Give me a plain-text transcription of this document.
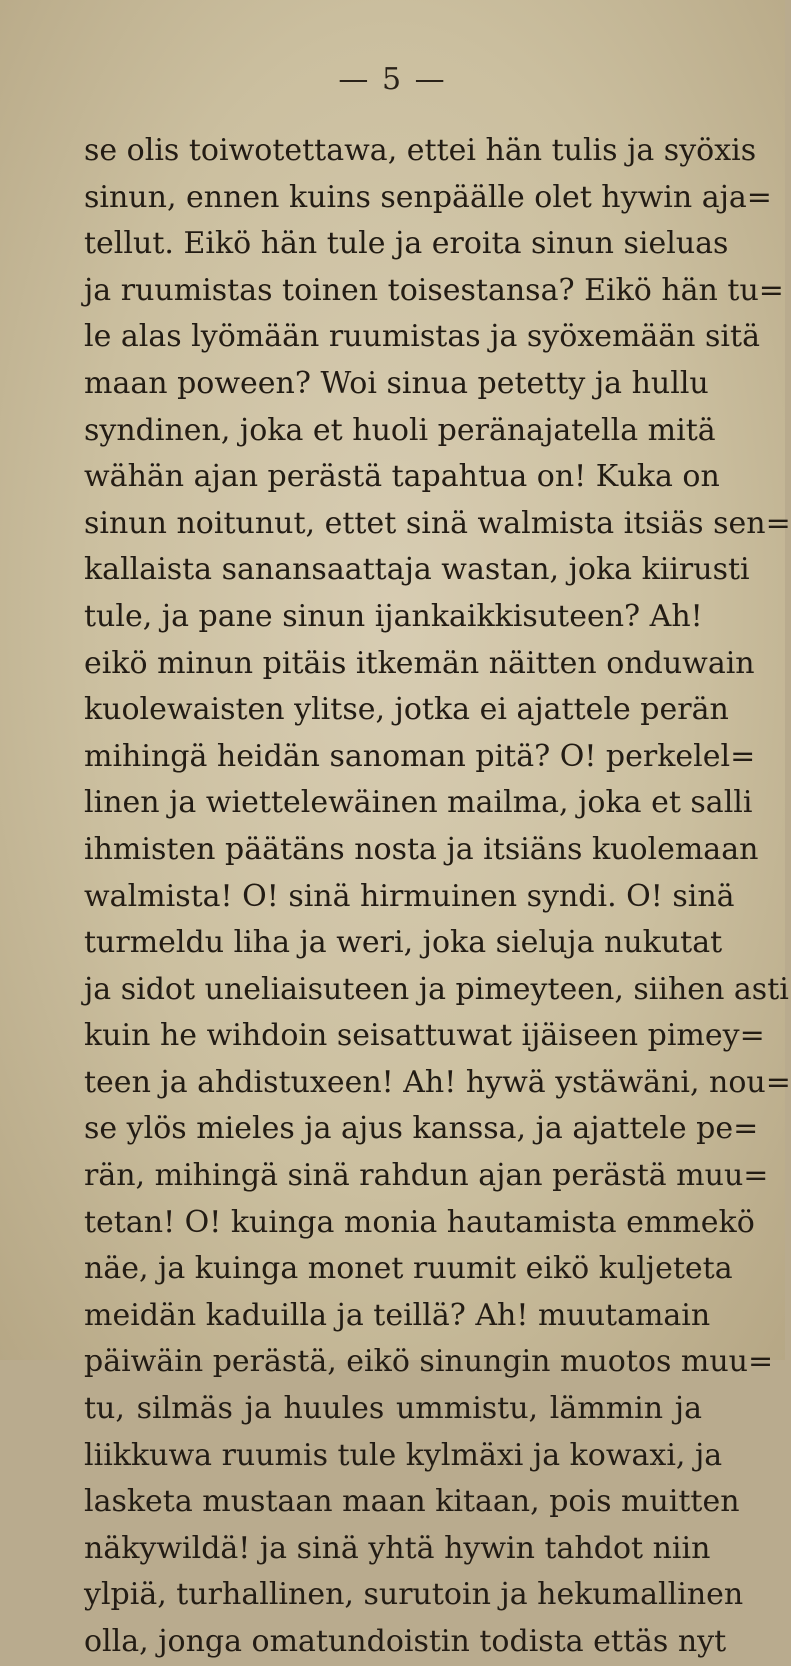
— 5 —
se olis toiwotettawa, ettei hän tulis ja syöxis
sinun, ennen kuins senpäälle olet hywin aja=
tellut. Eikö hän tule ja eroita sinun sieluas
ja ruumistas toinen toisestansa? Eikö hän tu=
le alas lyömään ruumistas ja syöxemään sitä
maan poween? Woi sinua petetty ja hullu
syndinen, joka et huoli peränajatella mitä
wähän ajan perästä tapahtua on! Kuka on
sinun noitunut, ettet sinä walmista itsiäs sen=
kallaista sanansaattaja wastan, joka kiirusti
tule, ja pane sinun ijankaikkisuteen? Ah!
eikö minun pitäis itkemän näitten onduwain
kuolewaisten ylitse, jotka ei ajattele perän
mihingä heidän sanoman pitä? O! perkelel=
linen ja wiettelewäinen mailma, joka et salli
ihmisten päätäns nosta ja itsiäns kuolemaan
walmista! O! sinä hirmuinen syndi. O! sinä
turmeldu liha ja weri, joka sieluja nukutat
ja sidot uneliaisuteen ja pimeyteen, siihen asti
kuin he wihdoin seisattuwat ijäiseen pimey=
teen ja ahdistuxeen! Ah! hywä ystäwäni, nou=
se ylös mieles ja ajus kanssa, ja ajattele pe=
rän, mihingä sinä rahdun ajan perästä muu=
tetan! O! kuinga monia hautamista emmekö
näe, ja kuinga monet ruumit eikö kuljeteta
meidän kaduilla ja teillä? Ah! muutamain
päiwäin perästä, eikö sinungin muotos muu=
tu, silmäs ja huules ummistu, lämmin ja
liikkuwa ruumis tule kylmäxi ja kowaxi, ja
lasketa mustaan maan kitaan, pois muitten
näkywildä! ja sinä yhtä hywin tahdot niin
ylpiä, turhallinen, surutoin ja hekumallinen
olla, jonga omatundoistin todista ettäs nyt
